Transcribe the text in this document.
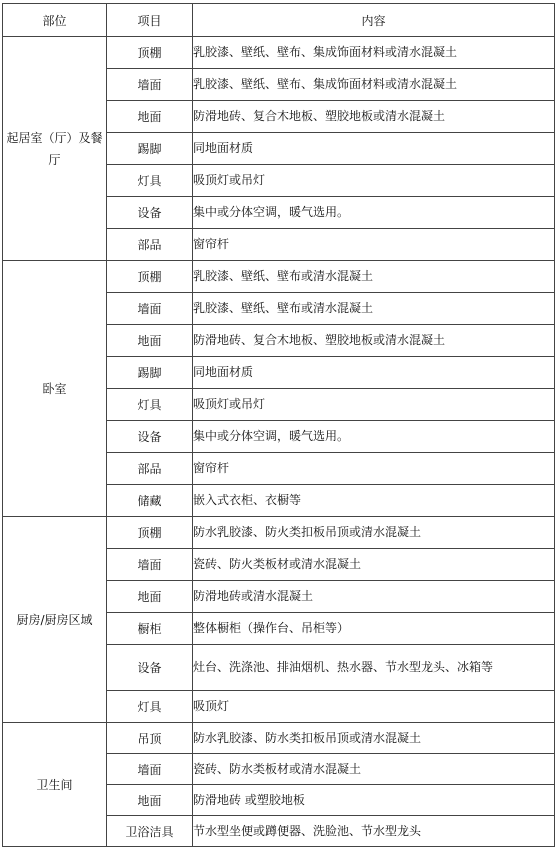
部位	项目	内容
起居室（厅）及餐厅	顶棚	乳胶漆、壁纸、壁布、集成饰面材料或清水混凝土
	墙面	乳胶漆、壁纸、壁布、集成饰面材料或清水混凝土
	地面	防滑地砖、复合木地板、塑胶地板或清水混凝土
	踢脚	同地面材质
	灯具	吸顶灯或吊灯
	设备	集中或分体空调，暖气选用。
	部品	窗帘杆
卧室	顶棚	乳胶漆、壁纸、壁布或清水混凝土
	墙面	乳胶漆、壁纸、壁布或清水混凝土
	地面	防滑地砖、复合木地板、塑胶地板或清水混凝土
	踢脚	同地面材质
	灯具	吸顶灯或吊灯
	设备	集中或分体空调，暖气选用。
	部品	窗帘杆
	储藏	嵌入式衣柜、衣橱等
厨房/厨房区域	顶棚	防水乳胶漆、防火类扣板吊顶或清水混凝土
	墙面	瓷砖、防火类板材或清水混凝土
	地面	防滑地砖或清水混凝土
	橱柜	整体橱柜（操作台、吊柜等）
	设备	灶台、洗涤池、排油烟机、热水器、节水型龙头、冰箱等
	灯具	吸顶灯
卫生间	吊顶	防水乳胶漆、防水类扣板吊顶或清水混凝土
	墙面	瓷砖、防水类板材或清水混凝土
	地面	防滑地砖 或塑胶地板
	卫浴洁具	节水型坐便或蹲便器、洗脸池、节水型龙头
